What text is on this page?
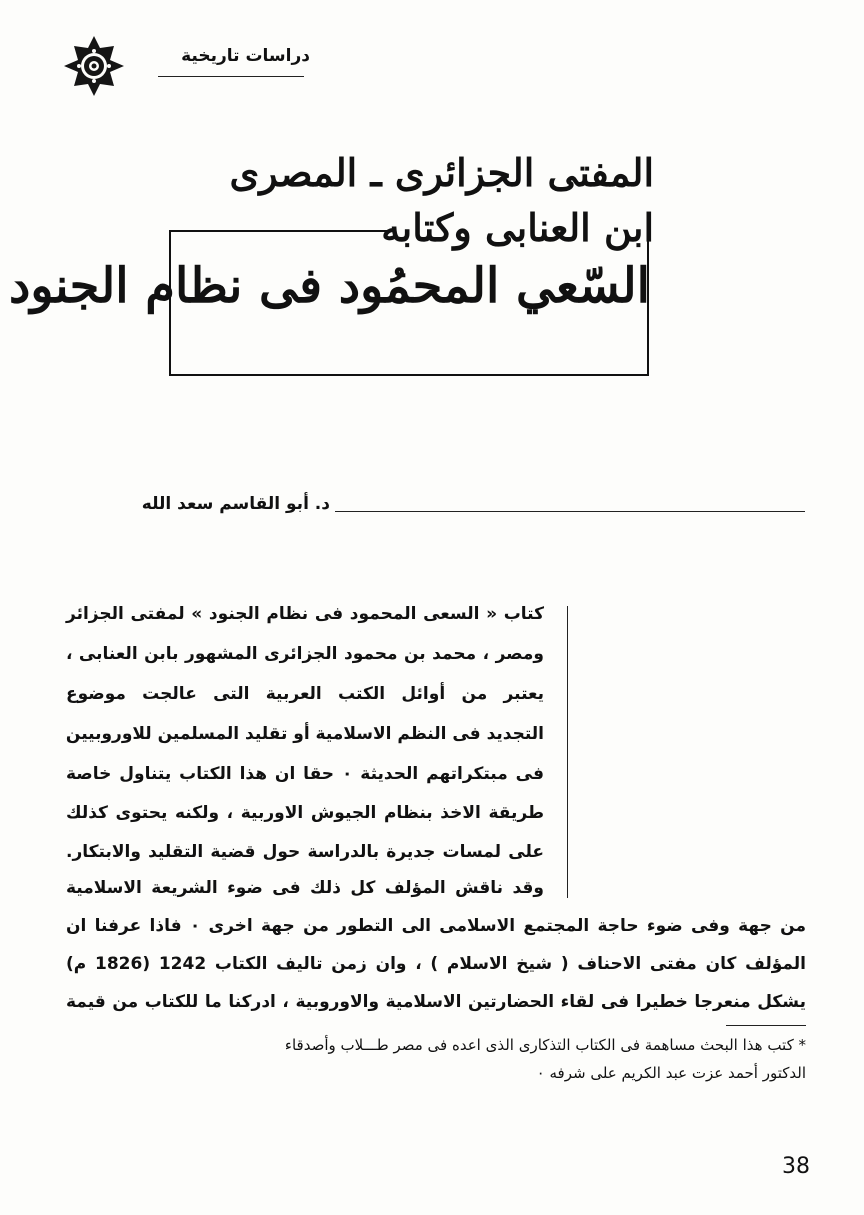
دراسات تاريخية
المفتى الجزائرى ـ المصرى
ابن العنابى وكتابه
السّعي المحمُود فى نظام الجنود
د. أبو القاسم سعد الله
كتاب « السعى المحمود فى نظام الجنود » لمفتى الجزائر
ومصر ، محمد بن محمود الجزائرى المشهور بابن العنابى ،
يعتبر من أوائل الكتب العربية التى عالجت موضوع
التجديد فى النظم الاسلامية أو تقليد المسلمين للاوروبيين
فى مبتكراتهم الحديثة ٠ حقا ان هذا الكتاب يتناول خاصة
طريقة الاخذ بنظام الجيوش الاوربية ، ولكنه يحتوى كذلك
على لمسات جديرة بالدراسة حول قضية التقليد والابتكار.
وقد ناقش المؤلف كل ذلك فى ضوء الشريعة الاسلامية
من جهة وفى ضوء حاجة المجتمع الاسلامى الى التطور من جهة اخرى ٠ فاذا عرفنا ان
المؤلف كان مفتى الاحناف ( شيخ الاسلام ) ، وان زمن تاليف الكتاب 1242 (1826 م)
يشكل منعرجا خطيرا فى لقاء الحضارتين الاسلامية والاوروبية ، ادركنا ما للكتاب من قيمة
* كتب هذا البحث مساهمة فى الكتاب التذكارى الذى اعده فى مصر طـــلاب وأصدقاء
الدكتور أحمد عزت عبد الكريم على شرفه ٠
38
